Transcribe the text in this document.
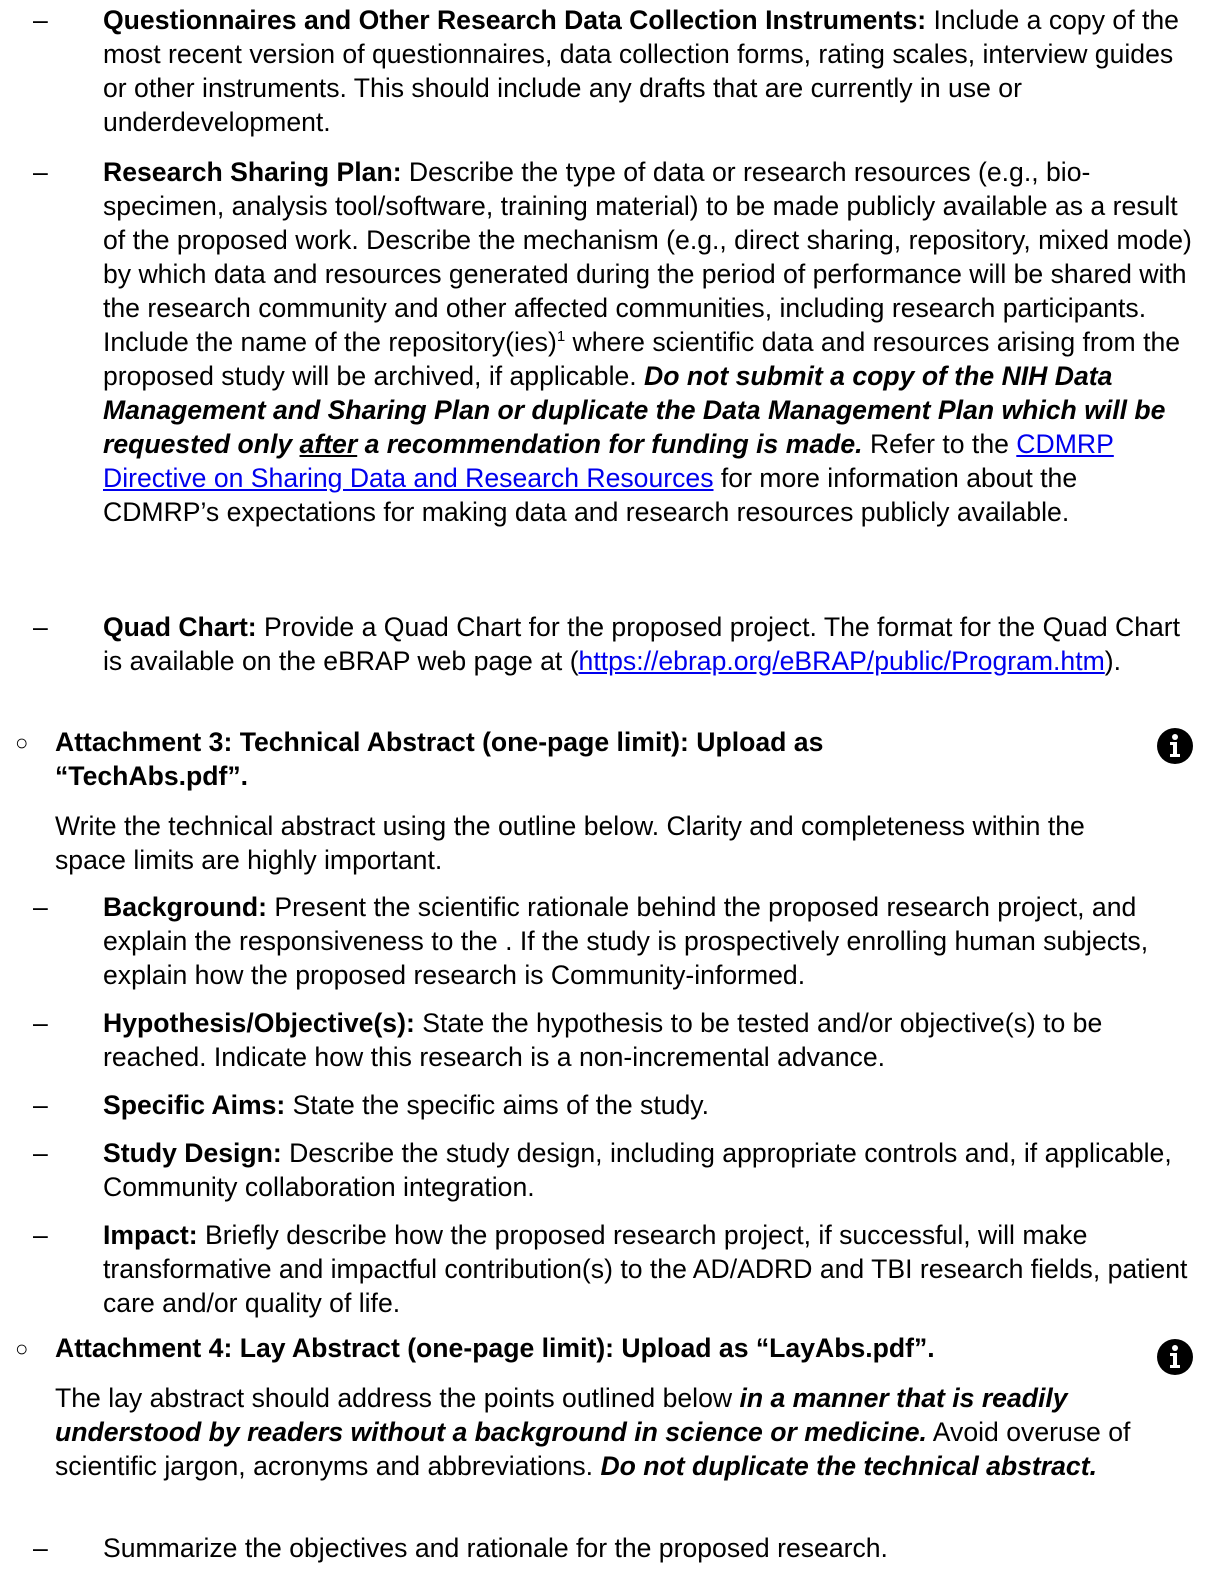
–	Questionnaires and Other Research Data Collection Instruments: Include a copy of the most recent version of questionnaires, data collection forms, rating scales, interview guides or other instruments. This should include any drafts that are currently in use or underdevelopment.

–	Research Sharing Plan: Describe the type of data or research resources (e.g., bio-specimen, analysis tool/software, training material) to be made publicly available as a result of the proposed work. Describe the mechanism (e.g., direct sharing, repository, mixed mode) by which data and resources generated during the period of performance will be shared with the research community and other affected communities, including research participants. Include the name of the repository(ies)$^1$ where scientific data and resources arising from the proposed study will be archived, if applicable. Do not submit a copy of the NIH Data Management and Sharing Plan or duplicate the Data Management Plan which will be requested only after a recommendation for funding is made. Refer to the CDMRP Directive on Sharing Data and Research Resources for more information about the CDMRP’s expectations for making data and research resources publicly available.

–	Quad Chart: Provide a Quad Chart for the proposed project. The format for the Quad Chart is available on the eBRAP web page at (https://ebrap.org/eBRAP/public/Program.htm).

○ Attachment 3: Technical Abstract (one-page limit): Upload as “TechAbs.pdf”.

Write the technical abstract using the outline below. Clarity and completeness within the space limits are highly important.

–	Background: Present the scientific rationale behind the proposed research project, and explain the responsiveness to the . If the study is prospectively enrolling human subjects, explain how the proposed research is Community-informed.

–	Hypothesis/Objective(s): State the hypothesis to be tested and/or objective(s) to be reached. Indicate how this research is a non-incremental advance.

–	Specific Aims: State the specific aims of the study.

–	Study Design: Describe the study design, including appropriate controls and, if applicable, Community collaboration integration.

–	Impact: Briefly describe how the proposed research project, if successful, will make transformative and impactful contribution(s) to the AD/ADRD and TBI research fields, patient care and/or quality of life.

○ Attachment 4: Lay Abstract (one-page limit): Upload as “LayAbs.pdf”.

The lay abstract should address the points outlined below in a manner that is readily understood by readers without a background in science or medicine. Avoid overuse of scientific jargon, acronyms and abbreviations. Do not duplicate the technical abstract.

–	Summarize the objectives and rationale for the proposed research.
